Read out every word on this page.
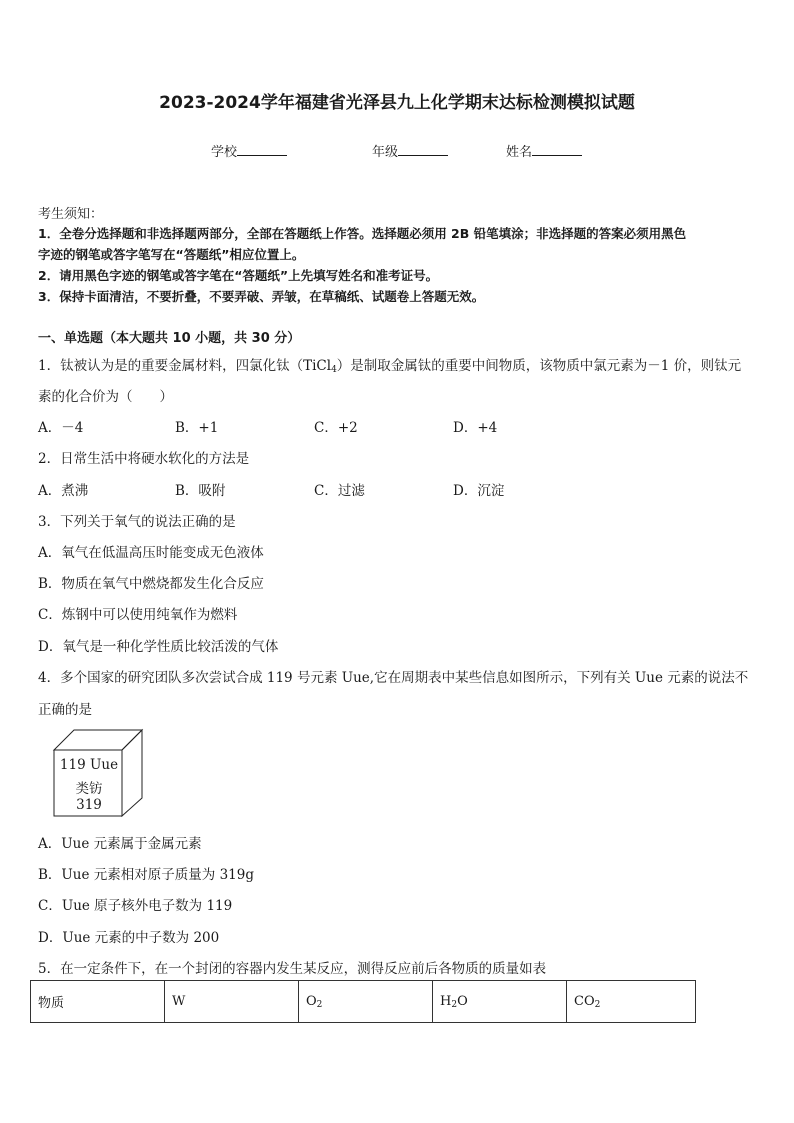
2023-2024学年福建省光泽县九上化学期末达标检测模拟试题
学校	年级	姓名
考生须知：
1．全卷分选择题和非选择题两部分，全部在答题纸上作答。选择题必须用 2B 铅笔填涂；非选择题的答案必须用黑色
字迹的钢笔或答字笔写在“答题纸”相应位置上。
2．请用黑色字迹的钢笔或答字笔在“答题纸”上先填写姓名和准考证号。
3．保持卡面清洁，不要折叠，不要弄破、弄皱，在草稿纸、试题卷上答题无效。
一、单选题（本大题共 10 小题，共 30 分）
1．钛被认为是的重要金属材料，四氯化钛（TiCl$_4$）是制取金属钛的重要中间物质，该物质中氯元素为－1 价，则钛元
素的化合价为（　　）
A．－4	B．+1	C．+2	D．+4
2．日常生活中将硬水软化的方法是
A．煮沸	B．吸附	C．过滤	D．沉淀
3．下列关于氧气的说法正确的是
A．氧气在低温高压时能变成无色液体
B．物质在氧气中燃烧都发生化合反应
C．炼钢中可以使用纯氧作为燃料
D．氧气是一种化学性质比较活泼的气体
4．多个国家的研究团队多次尝试合成 119 号元素 Uue,它在周期表中某些信息如图所示，下列有关 Uue 元素的说法不
正确的是
119 Uue
类钫
319
A．Uue 元素属于金属元素
B．Uue 元素相对原子质量为 319g
C．Uue 原子核外电子数为 119
D．Uue 元素的中子数为 200
5．在一定条件下，在一个封闭的容器内发生某反应，测得反应前后各物质的质量如表
物质	W	$O_2$	$H_2O$	$CO_2$
